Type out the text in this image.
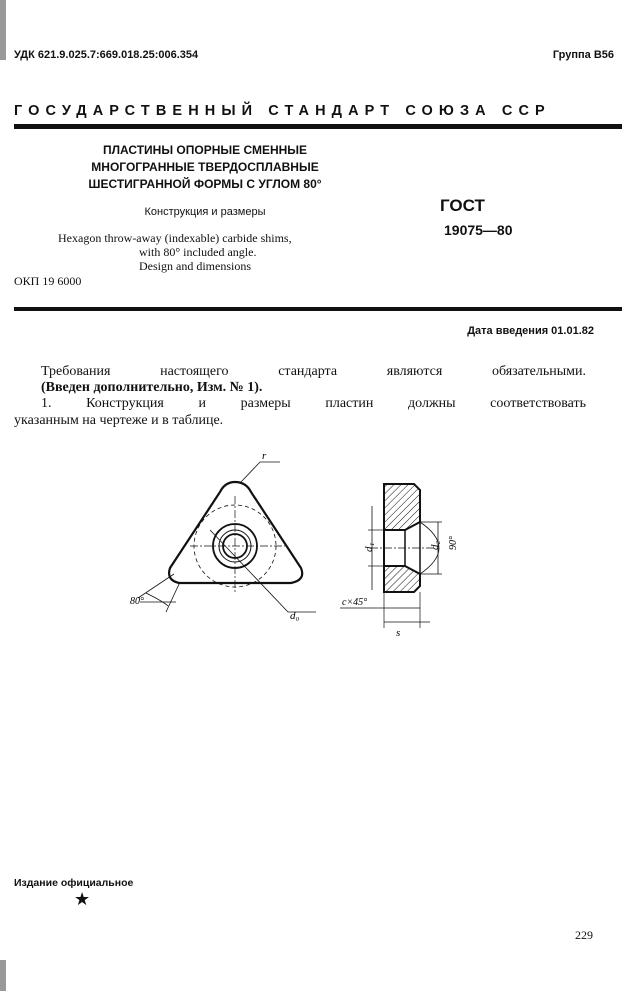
УДК 621.9.025.7:669.018.25:006.354	Группа В56
ГОСУДАРСТВЕННЫЙ СТАНДАРТ СОЮЗА ССР
ПЛАСТИНЫ ОПОРНЫЕ СМЕННЫЕ
МНОГОГРАННЫЕ ТВЕРДОСПЛАВНЫЕ
ШЕСТИГРАННОЙ ФОРМЫ С УГЛОМ 80°
Конструкция и размеры	ГОСТ
19075—80
Hexagon throw-away (indexable) carbide shims,
with 80° included angle.
Design and dimensions
ОКП 19 6000
Дата введения 01.01.82
Требования настоящего стандарта являются обязательными.
(Введен дополнительно, Изм. № 1).
1. Конструкция и размеры пластин должны соответствовать
указанным на чертеже и в таблице.
r
80°
d₀
d₁	d₂ 90°
c×45°
s
Издание официальное
★
229
